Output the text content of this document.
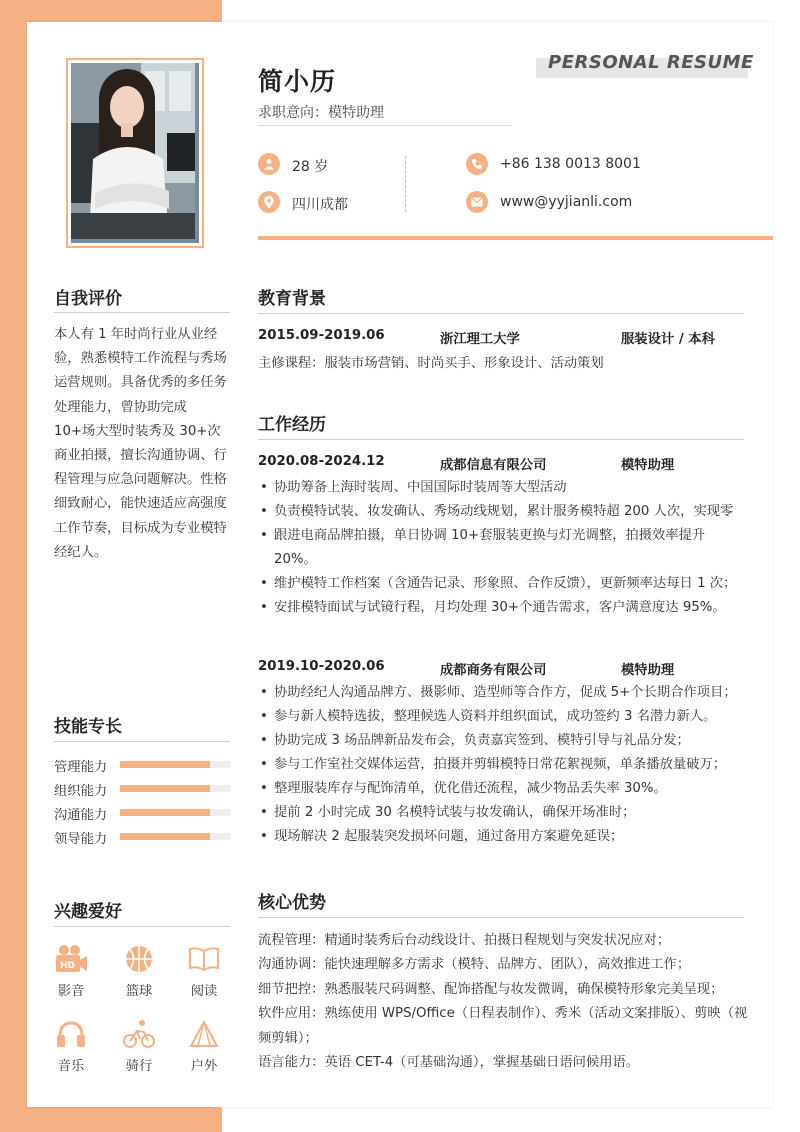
简小历
求职意向：模特助理
PERSONAL RESUME
28 岁
四川成都
+86 138 0013 8001
www@yyjianli.com
自我评价
本人有 1 年时尚行业从业经验，熟悉模特工作流程与秀场运营规则。具备优秀的多任务处理能力，曾协助完成 10+场大型时装秀及 30+次商业拍摄，擅长沟通协调、行程管理与应急问题解决。性格细致耐心，能快速适应高强度工作节奏，目标成为专业模特经纪人。
技能专长
管理能力
组织能力
沟通能力
领导能力
兴趣爱好
HD
影音	篮球	阅读
音乐	骑行	户外
教育背景
2015.09-2019.06	浙江理工大学	服装设计 / 本科
主修课程：服装市场营销、时尚买手、形象设计、活动策划
工作经历
2020.08-2024.12	成都信息有限公司	模特助理
• 协助筹备上海时装周、中国国际时装周等大型活动
• 负责模特试装、妆发确认、秀场动线规划，累计服务模特超 200 人次，实现零
• 跟进电商品牌拍摄，单日协调 10+套服装更换与灯光调整，拍摄效率提升 20%。
• 维护模特工作档案（含通告记录、形象照、合作反馈），更新频率达每日 1 次；
• 安排模特面试与试镜行程，月均处理 30+个通告需求，客户满意度达 95%。
2019.10-2020.06	成都商务有限公司	模特助理
• 协助经纪人沟通品牌方、摄影师、造型师等合作方，促成 5+个长期合作项目；
• 参与新人模特选拔，整理候选人资料并组织面试，成功签约 3 名潜力新人。
• 协助完成 3 场品牌新品发布会，负责嘉宾签到、模特引导与礼品分发；
• 参与工作室社交媒体运营，拍摄并剪辑模特日常花絮视频，单条播放量破万；
• 整理服装库存与配饰清单，优化借还流程，减少物品丢失率 30%。
• 提前 2 小时完成 30 名模特试装与妆发确认，确保开场准时；
• 现场解决 2 起服装突发损坏问题，通过备用方案避免延误；
核心优势

流程管理：精通时装秀后台动线设计、拍摄日程规划与突发状况应对；

沟通协调：能快速理解多方需求（模特、品牌方、团队），高效推进工作；

细节把控：熟悉服装尺码调整、配饰搭配与妆发微调，确保模特形象完美呈现；

软件应用：熟练使用 WPS/Office（日程表制作）、秀米（活动文案排版）、剪映（视频剪辑）；

语言能力：英语 CET-4（可基础沟通），掌握基础日语问候用语。
